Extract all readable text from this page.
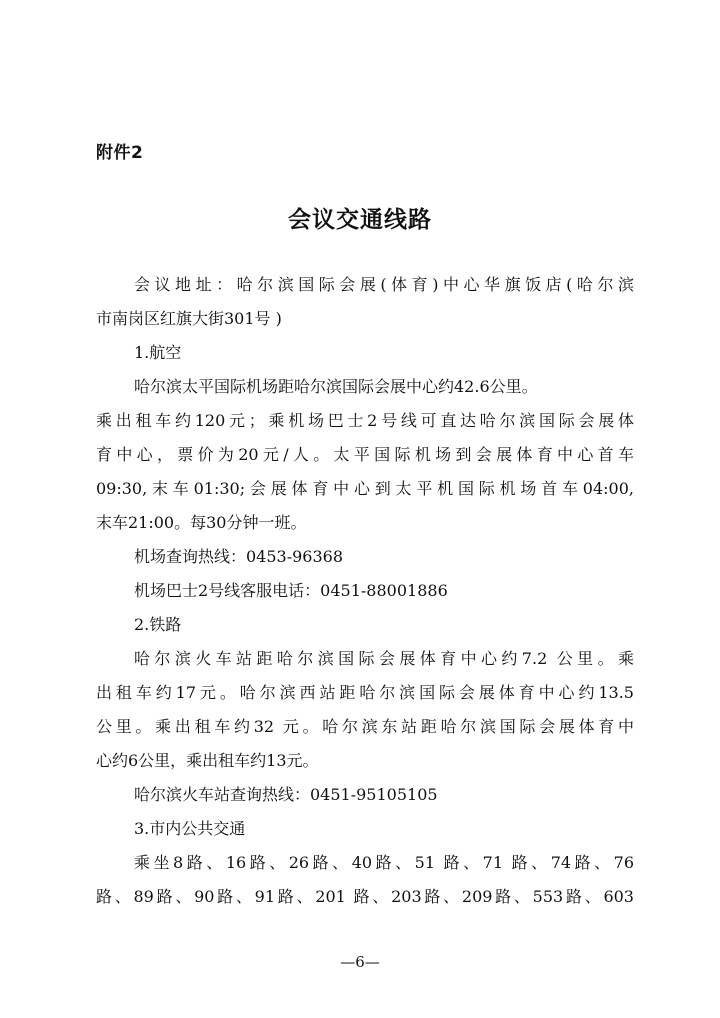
附件2
会议交通线路

会议地址：哈尔滨国际会展(体育)中心华旗饭店(哈尔滨

市南岗区红旗大街301号 )

1.航空

哈尔滨太平国际机场距哈尔滨国际会展中心约42.6公里。

乘出租车约120元；乘机场巴士2号线可直达哈尔滨国际会展体

育中心，票价为20元/人。太平国际机场到会展体育中心首车

09:30,末车01:30;会展体育中心到太平机国际机场首车04:00,

末车21:00。每30分钟一班。

机场查询热线：0453-96368

机场巴士2号线客服电话：0451-88001886

2.铁路

哈尔滨火车站距哈尔滨国际会展体育中心约7.2 公里。乘

出租车约17元。哈尔滨西站距哈尔滨国际会展体育中心约13.5

公里。乘出租车约32 元。哈尔滨东站距哈尔滨国际会展体育中

心约6公里，乘出租车约13元。

哈尔滨火车站查询热线：0451-95105105

3.市内公共交通

乘坐8路、16路、26路、40路、51 路、71 路、74路、76

路、89路、90路、91路、201 路、203路、209路、553路、603

—6—
